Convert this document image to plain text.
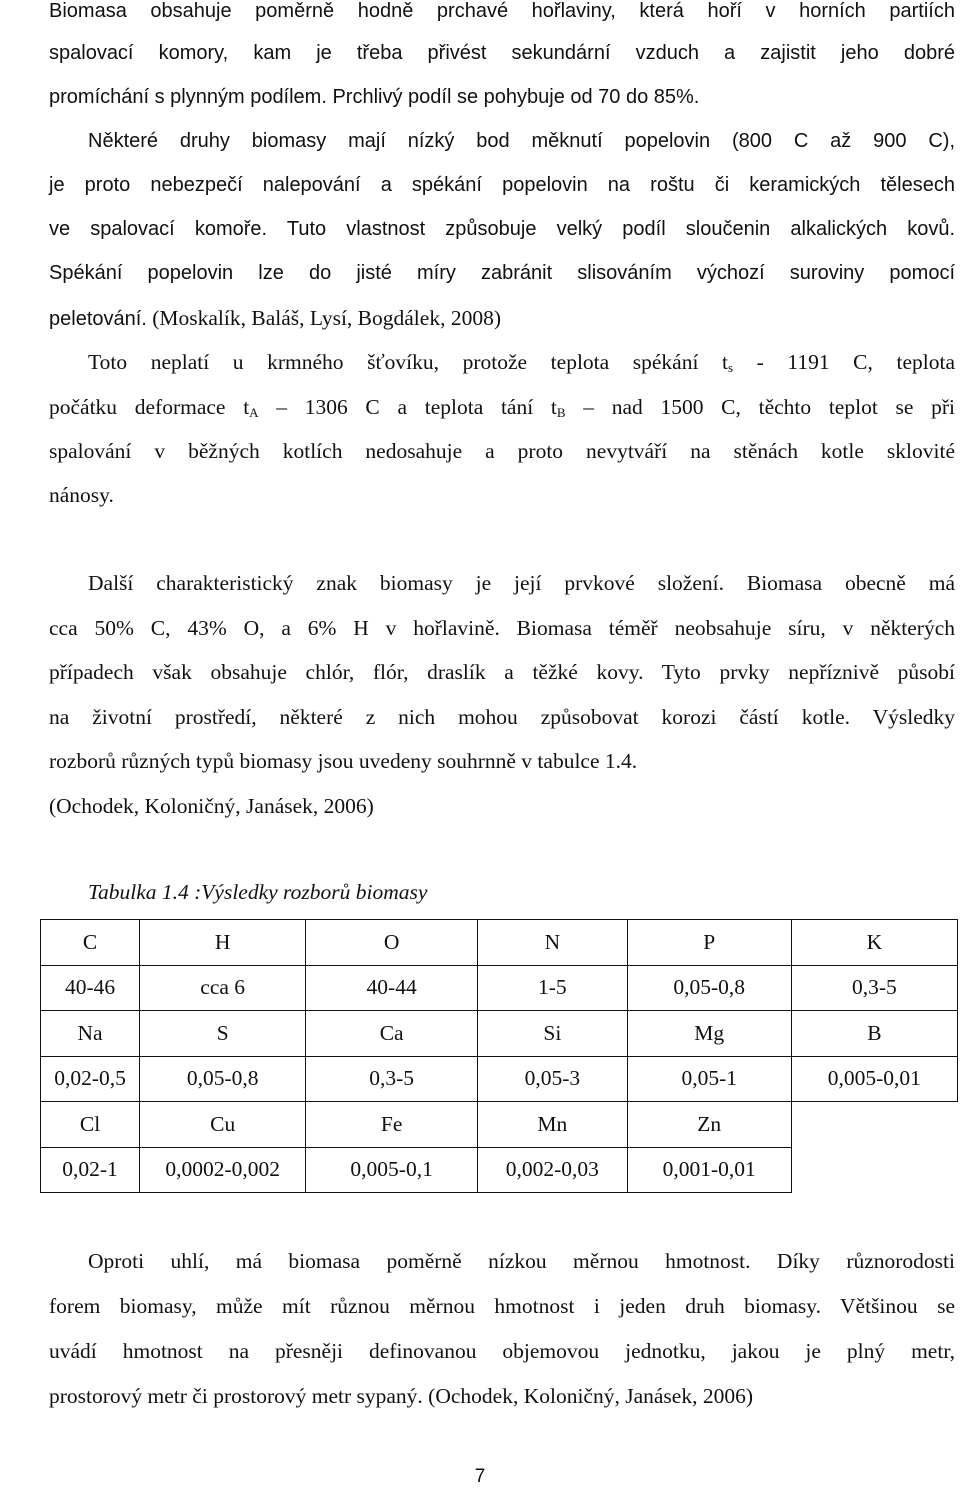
Biomasa obsahuje poměrně hodně prchavé hořlaviny, která hoří v horních partiích
spalovací komory, kam je třeba přivést sekundární vzduch a zajistit jeho dobré
promíchání s plynným podílem. Prchlivý podíl se pohybuje od 70 do 85%.
Některé druhy biomasy mají nízký bod měknutí popelovin (800 C až 900 C),
je proto nebezpečí nalepování a spékání popelovin na roštu či keramických tělesech
ve spalovací komoře. Tuto vlastnost způsobuje velký podíl sloučenin alkalických kovů.
Spékání popelovin lze do jisté míry zabránit slisováním výchozí suroviny pomocí
peletování. (Moskalík, Baláš, Lysí, Bogdálek, 2008)
Toto neplatí u krmného šťovíku, protože teplota spékání $t_s - 1191$ C, teplota
počátku deformace $t_A - 1306$ C a teplota tání $t_B$ – nad 1500 C, těchto teplot se při
spalování v běžných kotlích nedosahuje a proto nevytváří na stěnách kotle sklovité
nánosy.
Další charakteristický znak biomasy je její prvkové složení. Biomasa obecně má
cca 50% C, 43% O, a 6% H v hořlavině. Biomasa téměř neobsahuje síru, v některých
případech však obsahuje chlór, flór, draslík a těžké kovy. Tyto prvky nepříznivě působí
na životní prostředí, některé z nich mohou způsobovat korozi částí kotle. Výsledky
rozborů různých typů biomasy jsou uvedeny souhrnně v tabulce 1.4.
(Ochodek, Koloničný, Janásek, 2006)
Tabulka 1.4 :Výsledky rozborů biomasy
C	H	O	N	P	K
40-46	cca 6	40-44	1-5	0,05-0,8	0,3-5
Na	S	Ca	Si	Mg	B
0,02-0,5	0,05-0,8	0,3-5	0,05-3	0,05-1	0,005-0,01
Cl	Cu	Fe	Mn	Zn	
0,02-1	0,0002-0,002	0,005-0,1	0,002-0,03	0,001-0,01	
Oproti uhlí, má biomasa poměrně nízkou měrnou hmotnost. Díky různorodosti
forem biomasy, může mít různou měrnou hmotnost i jeden druh biomasy. Většinou se
uvádí hmotnost na přesněji definovanou objemovou jednotku, jakou je plný metr,
prostorový metr či prostorový metr sypaný. (Ochodek, Koloničný, Janásek, 2006)
7
